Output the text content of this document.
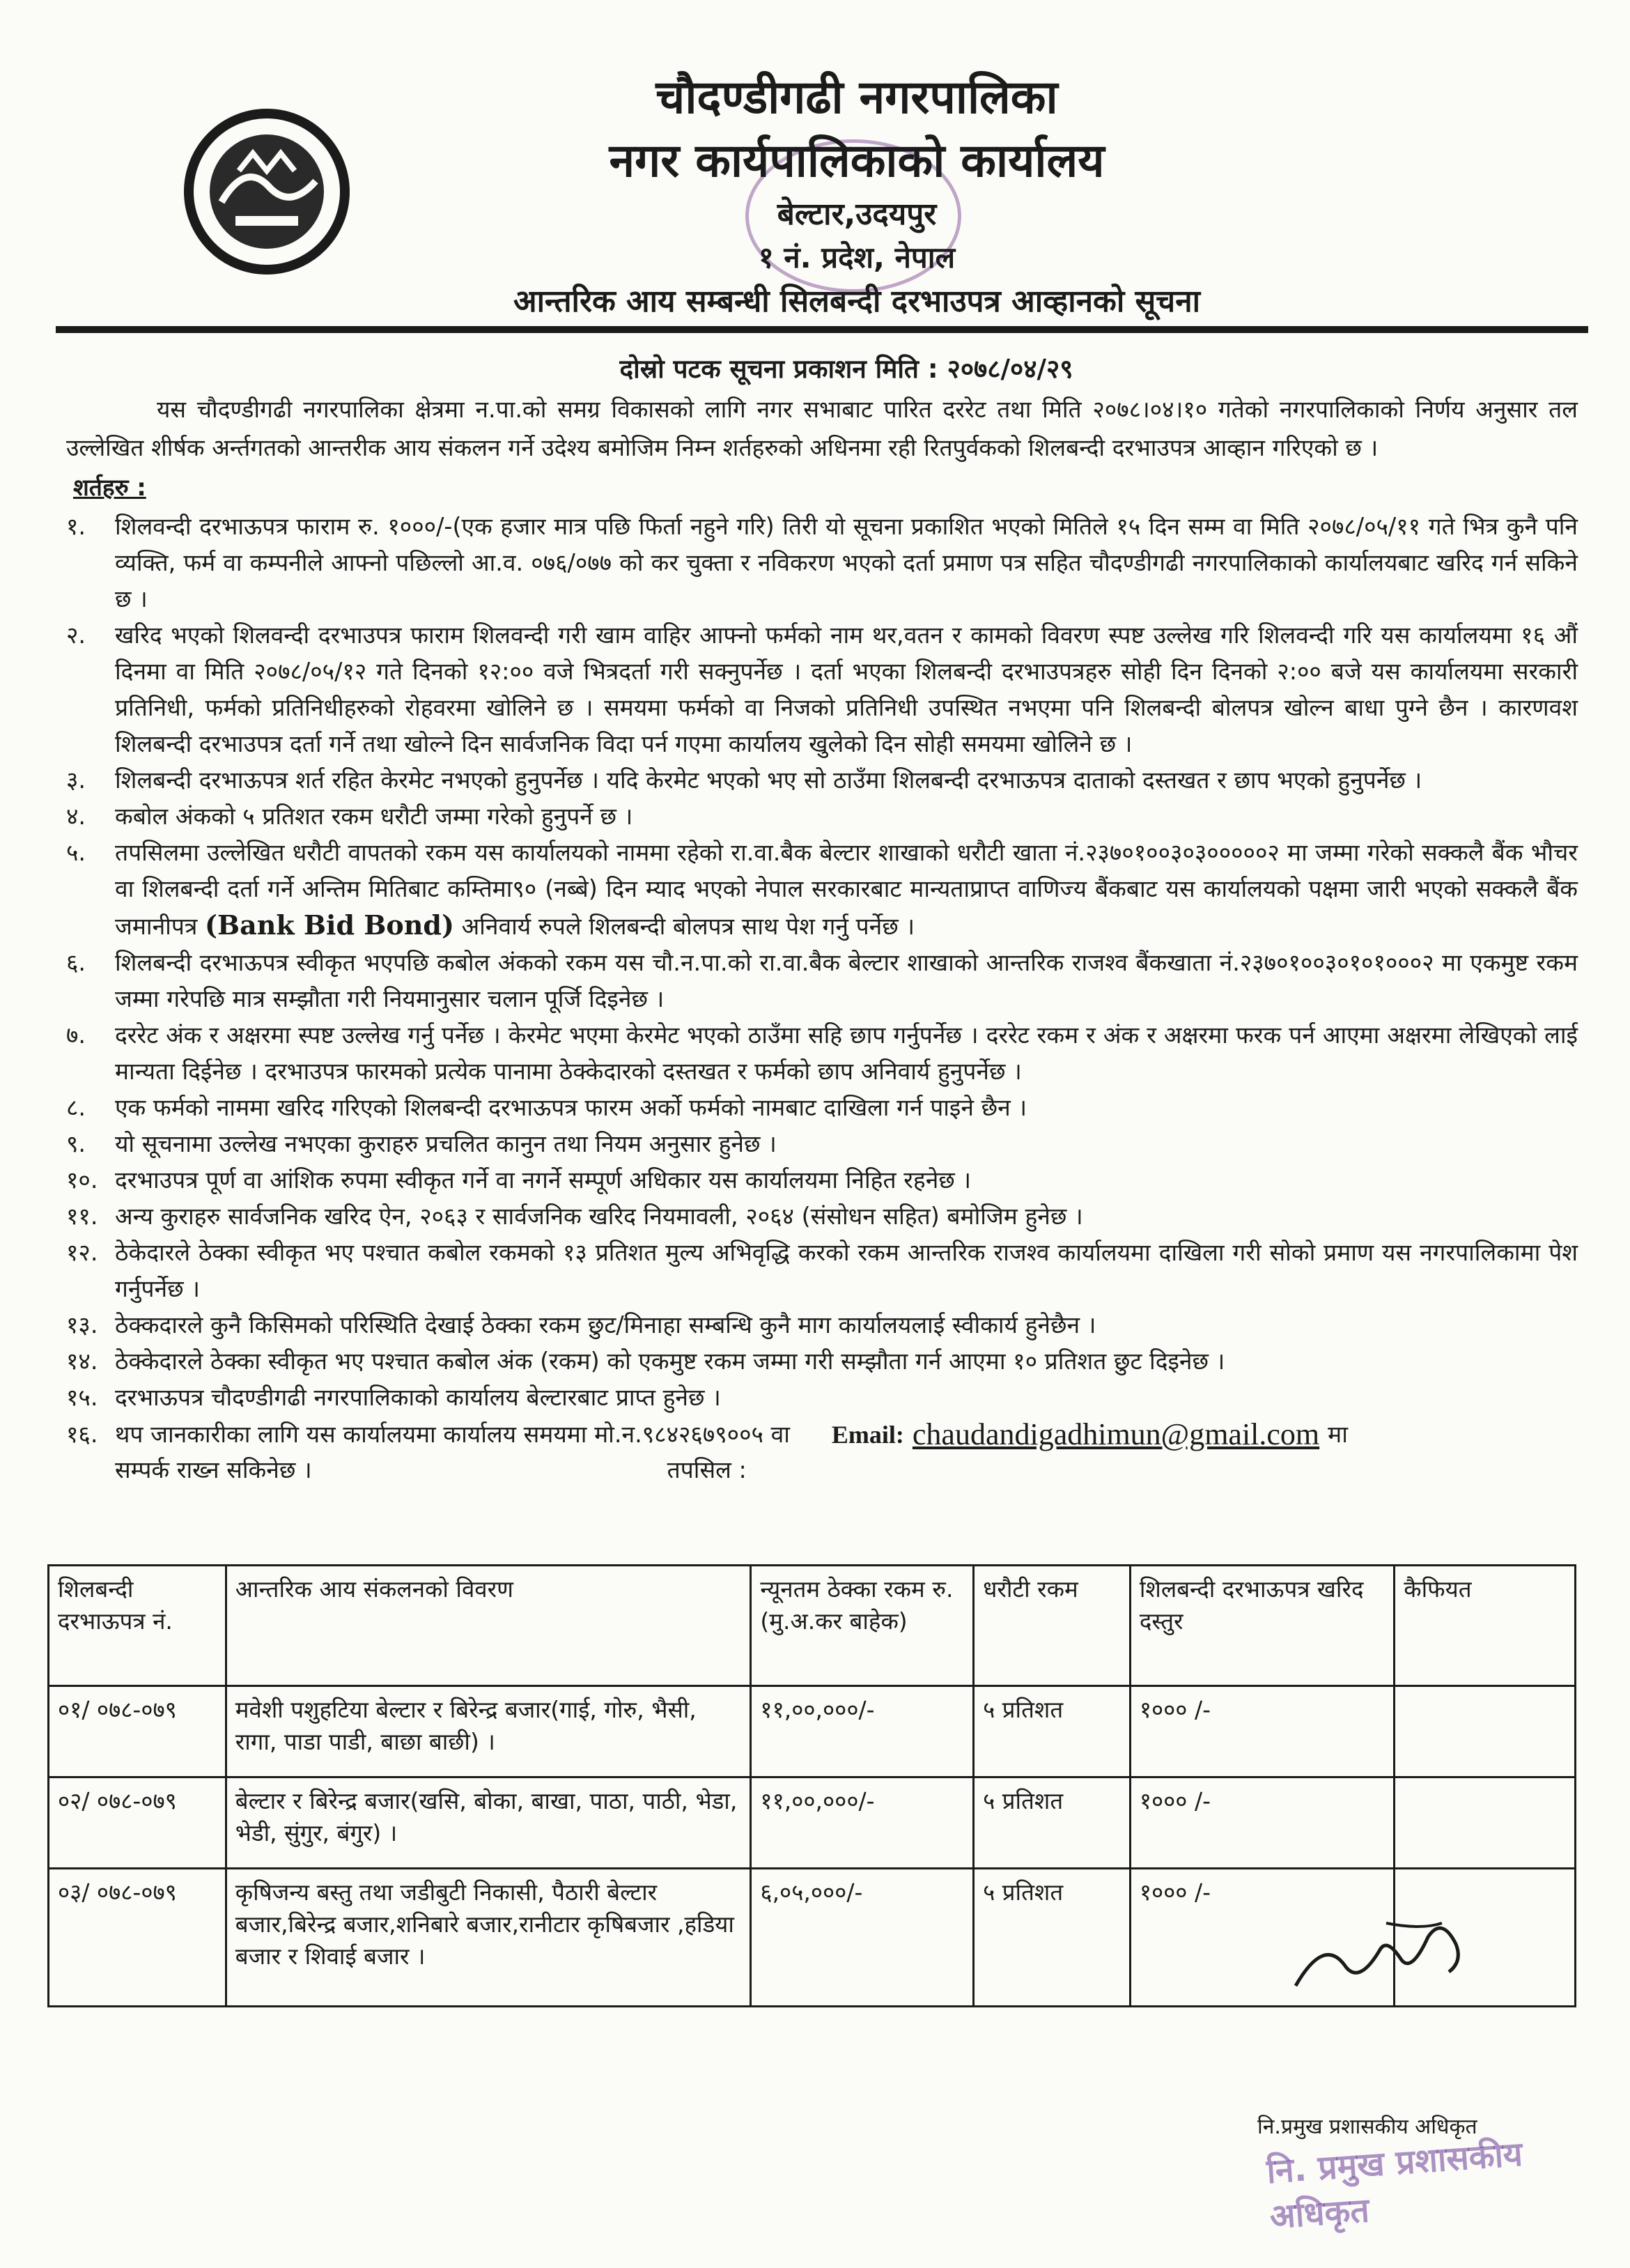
चौदण्डीगढी नगरपालिका
नगर कार्यपालिकाको कार्यालय
बेल्टार,उदयपुर
१ नं. प्रदेश, नेपाल
आन्तरिक आय सम्बन्धी सिलबन्दी दरभाउपत्र आव्हानको सूचना
दोस्रो पटक सूचना प्रकाशन मिति : २०७८/०४/२९
यस चौदण्डीगढी नगरपालिका क्षेत्रमा न.पा.को समग्र विकासको लागि नगर सभाबाट पारित दररेट तथा मिति २०७८।०४।१० गतेको नगरपालिकाको निर्णय अनुसार तल उल्लेखित शीर्षक अर्न्तगतको आन्तरीक आय संकलन गर्ने उदेश्य बमोजिम निम्न शर्तहरुको अधिनमा रही रितपुर्वकको शिलबन्दी दरभाउपत्र आव्हान गरिएको छ ।
शर्तहरु :
१.	शिलवन्दी दरभाऊपत्र फाराम रु. १०००/-(एक हजार मात्र पछि फिर्ता नहुने गरि) तिरी यो सूचना प्रकाशित भएको मितिले १५ दिन सम्म वा मिति २०७८/०५/११ गते भित्र कुनै पनि व्यक्ति, फर्म वा कम्पनीले आफ्नो पछिल्लो आ.व. ०७६/०७७ को कर चुक्ता र नविकरण भएको दर्ता प्रमाण पत्र सहित चौदण्डीगढी नगरपालिकाको कार्यालयबाट खरिद गर्न सकिने छ ।
२.	खरिद भएको शिलवन्दी दरभाउपत्र फाराम शिलवन्दी गरी खाम वाहिर आफ्नो फर्मको नाम थर,वतन र कामको विवरण स्पष्ट उल्लेख गरि शिलवन्दी गरि यस कार्यालयमा १६ औं दिनमा वा मिति २०७८/०५/१२ गते दिनको १२:०० वजे भित्रदर्ता गरी सक्नुपर्नेछ । दर्ता भएका शिलबन्दी दरभाउपत्रहरु सोही दिन दिनको २:०० बजे यस कार्यालयमा सरकारी प्रतिनिधी, फर्मको प्रतिनिधीहरुको रोहवरमा खोलिने छ । समयमा फर्मको वा निजको प्रतिनिधी उपस्थित नभएमा पनि शिलबन्दी बोलपत्र खोल्न बाधा पुग्ने छैन । कारणवश शिलबन्दी दरभाउपत्र दर्ता गर्ने तथा खोल्ने दिन सार्वजनिक विदा पर्न गएमा कार्यालय खुलेको दिन सोही समयमा खोलिने छ ।
३.	शिलबन्दी दरभाऊपत्र शर्त रहित केरमेट नभएको हुनुपर्नेछ । यदि केरमेट भएको भए सो ठाउँमा शिलबन्दी दरभाऊपत्र दाताको दस्तखत र छाप भएको हुनुपर्नेछ ।
४.	कबोल अंकको ५ प्रतिशत रकम धरौटी जम्मा गरेको हुनुपर्ने छ ।
५.	तपसिलमा उल्लेखित धरौटी वापतको रकम यस कार्यालयको नाममा रहेको रा.वा.बैक बेल्टार शाखाको धरौटी खाता नं.२३७०१००३०३०००००२ मा जम्मा गरेको सक्कलै बैंक भौचर वा शिलबन्दी दर्ता गर्ने अन्तिम मितिबाट कम्तिमा९० (नब्बे) दिन म्याद भएको नेपाल सरकारबाट मान्यताप्राप्त वाणिज्य बैंकबाट यस कार्यालयको पक्षमा जारी भएको सक्कलै बैंक जमानीपत्र (Bank Bid Bond) अनिवार्य रुपले शिलबन्दी बोलपत्र साथ पेश गर्नु पर्नेछ ।
६.	शिलबन्दी दरभाऊपत्र स्वीकृत भएपछि कबोल अंकको रकम यस चौ.न.पा.को रा.वा.बैक बेल्टार शाखाको आन्तरिक राजश्व बैंकखाता नं.२३७०१००३०१०१०००२ मा एकमुष्ट रकम जम्मा गरेपछि मात्र सम्झौता गरी नियमानुसार चलान पूर्जि दिइनेछ ।
७.	दररेट अंक र अक्षरमा स्पष्ट उल्लेख गर्नु पर्नेछ । केरमेट भएमा केरमेट भएको ठाउँमा सहि छाप गर्नुपर्नेछ । दररेट रकम र अंक र अक्षरमा फरक पर्न आएमा अक्षरमा लेखिएको लाई मान्यता दिईनेछ । दरभाउपत्र फारमको प्रत्येक पानामा ठेक्केदारको दस्तखत र फर्मको छाप अनिवार्य हुनुपर्नेछ ।
८.	एक फर्मको नाममा खरिद गरिएको शिलबन्दी दरभाऊपत्र फारम अर्को फर्मको नामबाट दाखिला गर्न पाइने छैन ।
९.	यो सूचनामा उल्लेख नभएका कुराहरु प्रचलित कानुन तथा नियम अनुसार हुनेछ ।
१०. दरभाउपत्र पूर्ण वा आंशिक रुपमा स्वीकृत गर्ने वा नगर्ने सम्पूर्ण अधिकार यस कार्यालयमा निहित रहनेछ ।
११. अन्य कुराहरु सार्वजनिक खरिद ऐन, २०६३ र सार्वजनिक खरिद नियमावली, २०६४ (संसोधन सहित) बमोजिम हुनेछ ।
१२. ठेकेदारले ठेक्का स्वीकृत भए पश्चात कबोल रकमको १३ प्रतिशत मुल्य अभिवृद्धि करको रकम आन्तरिक राजश्व कार्यालयमा दाखिला गरी सोको प्रमाण यस नगरपालिकामा पेश गर्नुपर्नेछ ।
१३. ठेक्कदारले कुनै किसिमको परिस्थिति देखाई ठेक्का रकम छुट/मिनाहा सम्बन्धि कुनै माग कार्यालयलाई स्वीकार्य हुनेछैन ।
१४. ठेक्केदारले ठेक्का स्वीकृत भए पश्चात कबोल अंक (रकम) को एकमुष्ट रकम जम्मा गरी सम्झौता गर्न आएमा १० प्रतिशत छुट दिइनेछ ।
१५. दरभाऊपत्र चौदण्डीगढी नगरपालिकाको कार्यालय बेल्टारबाट प्राप्त हुनेछ ।
१६. थप जानकारीका लागि यस कार्यालयमा कार्यालय समयमा मो.न.९८४२६७९००५ वा Email: chaudandigadhimun@gmail.com मा
सम्पर्क राख्न सकिनेछ ।	तपसिल :
शिलबन्दी दरभाऊपत्र नं.	आन्तरिक आय संकलनको विवरण	न्यूनतम ठेक्का रकम रु.(मु.अ.कर बाहेक)	धरौटी रकम	शिलबन्दी दरभाऊपत्र खरिद दस्तुर	कैफियत
०१/ ०७८-०७९	मवेशी पशुहटिया बेल्टार र बिरेन्द्र बजार(गाई, गोरु, भैसी, रागा, पाडा पाडी, बाछा बाछी) ।	११,००,०००/-	५ प्रतिशत	१००० /-	
०२/ ०७८-०७९	बेल्टार र बिरेन्द्र बजार(खसि, बोका, बाखा, पाठा, पाठी, भेडा, भेडी, सुंगुर, बंगुर) ।	११,००,०००/-	५ प्रतिशत	१००० /-	
०३/ ०७८-०७९	कृषिजन्य बस्तु तथा जडीबुटी निकासी, पैठारी बेल्टार बजार,बिरेन्द्र बजार,शनिबारे बजार,रानीटार कृषिबजार ,हडिया बजार र शिवाई बजार ।	६,०५,०००/-	५ प्रतिशत	१००० /-	
नि.प्रमुख प्रशासकीय अधिकृत
नि. प्रमुख प्रशासकीय अधिकृत
